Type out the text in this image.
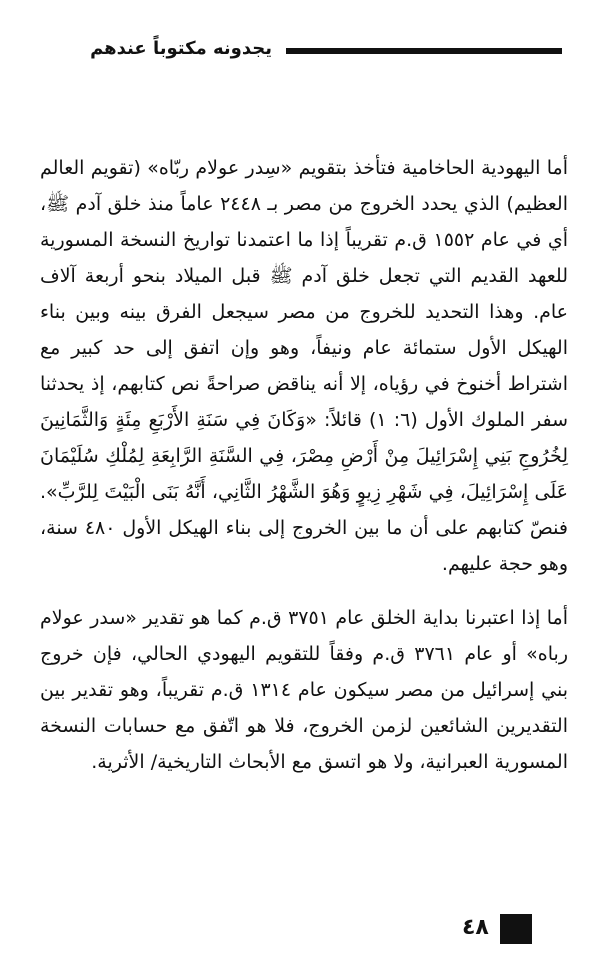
يجدونه مكتوباً عندهم

أما اليهودية الحاخامية فتأخذ بتقويم «سِدر عولام ربّاه» (تقويم العالم العظيم) الذي يحدد الخروج من مصر بـ ٢٤٤٨ عاماً منذ خلق آدم ﷺ، أي في عام ١٥٥٢ ق.م تقريباً إذا ما اعتمدنا تواريخ النسخة المسورية للعهد القديم التي تجعل خلق آدم ﷺ قبل الميلاد بنحو أربعة آلاف عام. وهذا التحديد للخروج من مصر سيجعل الفرق بينه وبين بناء الهيكل الأول ستمائة عام ونيفاً، وهو وإن اتفق إلى حد كبير مع اشتراط أخنوخ في رؤياه، إلا أنه يناقض صراحةً نص كتابهم، إذ يحدثنا سفر الملوك الأول (٦: ١) قائلاً: «وَكَانَ فِي سَنَةِ الأَرْبَعِ مِئَةٍ وَالثَّمَانِينَ لِخُرُوجِ بَنِي إِسْرَائِيلَ مِنْ أَرْضِ مِصْرَ، فِي السَّنَةِ الرَّابِعَةِ لِمُلْكِ سُلَيْمَانَ عَلَى إِسْرَائِيلَ، فِي شَهْرِ زِيوٍ وَهُوَ الشَّهْرُ الثَّانِي، أَنَّهُ بَنَى الْبَيْتَ لِلرَّبِّ». فنصّ كتابهم على أن ما بين الخروج إلى بناء الهيكل الأول ٤٨٠ سنة، وهو حجة عليهم.

أما إذا اعتبرنا بداية الخلق عام ٣٧٥١ ق.م كما هو تقدير «سدر عولام رباه» أو عام ٣٧٦١ ق.م وفقاً للتقويم اليهودي الحالي، فإن خروج بني إسرائيل من مصر سيكون عام ١٣١٤ ق.م تقريباً، وهو تقدير بين التقديرين الشائعين لزمن الخروج، فلا هو اتّفق مع حسابات النسخة المسورية العبرانية، ولا هو اتسق مع الأبحاث التاريخية/ الأثرية.

٤٨
